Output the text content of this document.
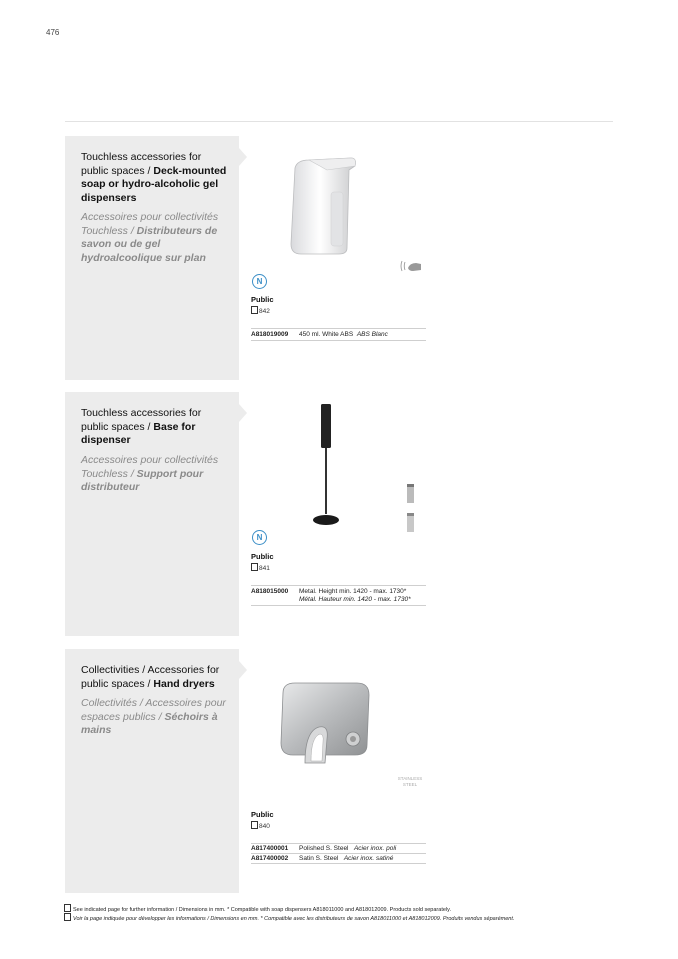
476
Touchless accessories for public spaces / Deck-mounted soap or hydro-alcoholic gel dispensers
Accessoires pour collectivités Touchless / Distributeurs de savon ou de gel hydroalcoolique sur plan
N
Public
842
A818019009 450 ml. White ABS ABS Blanc
Touchless accessories for public spaces / Base for dispenser
Accessoires pour collectivités Touchless / Support pour distributeur
N
Public
841
A818015000 Metal. Height min. 1420 - max. 1730*
Métal. Hauteur min. 1420 - max. 1730*
Collectivities / Accessories for public spaces / Hand dryers
Collectivités / Accessoires pour espaces publics / Séchoirs à mains
STAINLESS STEEL
Public
840
A817400001 Polished S. Steel Acier inox. poli
A817400002 Satin S. Steel Acier inox. satiné
See indicated page for further information / Dimensions in mm. * Compatible with soap dispensers A818011000 and A818012009. Products sold separately.
Voir la page indiquée pour développer les informations / Dimensions en mm. * Compatible avec les distributeurs de savon A818011000 et A818012009. Produits vendus séparément.
